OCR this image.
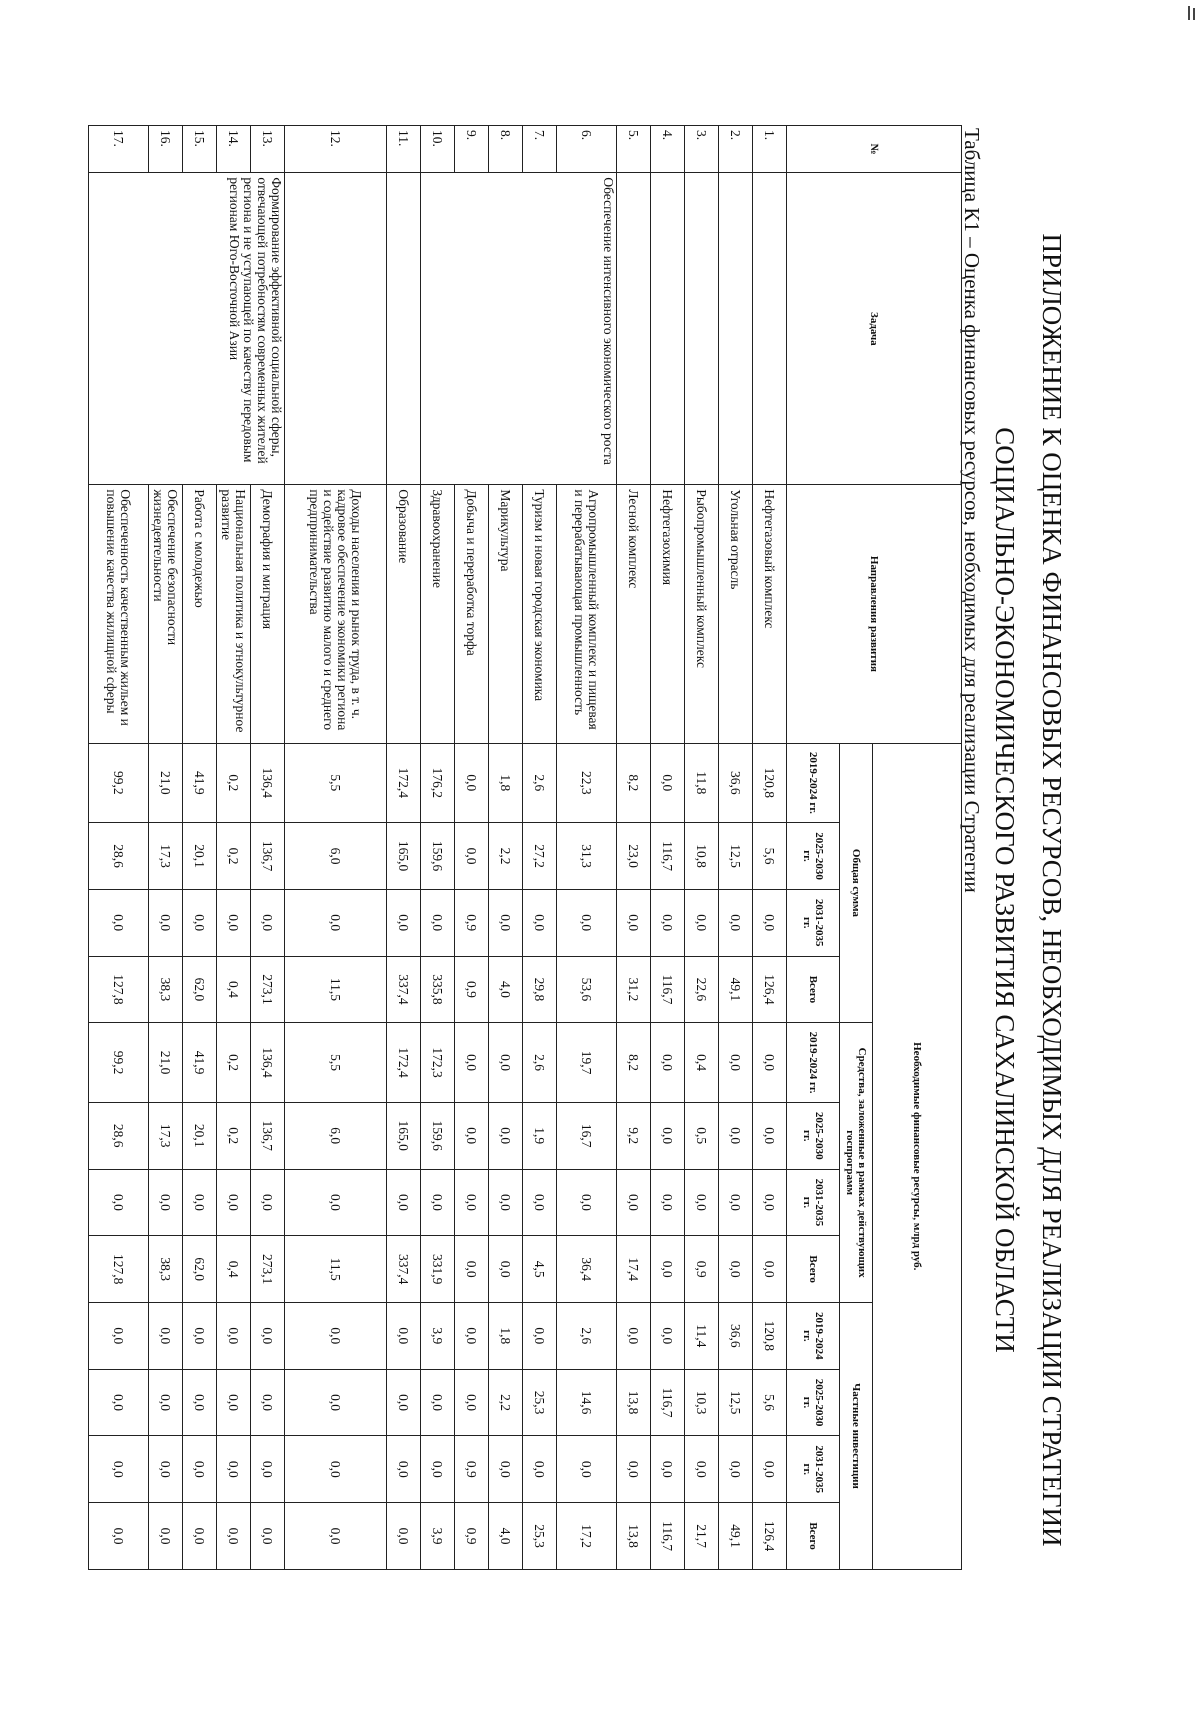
ПРИЛОЖЕНИЕ К ОЦЕНКА ФИНАНСОВЫХ РЕСУРСОВ, НЕОБХОДИМЫХ ДЛЯ РЕАЛИЗАЦИИ СТРАТЕГИИ
СОЦИАЛЬНО-ЭКОНОМИЧЕСКОГО РАЗВИТИЯ САХАЛИНСКОЙ ОБЛАСТИ
Таблица К1 – Оценка финансовых ресурсов, необходимых для реализации Стратегии
№	Задача	Направления развития	Необходимые финансовые ресурсы, млрд руб.											
			Общая сумма				Средства, заложенные в рамках действующих госпрограмм				Частные инвестиции			
			2019-2024 гг.	2025-2030 гг.	2031-2035 гг.	Всего	2019-2024 гг.	2025-2030 гг.	2031-2035 гг.	Всего	2019-2024 гг.	2025-2030 гг.	2031-2035 гг.	Всего
1.		Нефтегазовый комплекс	120,8	5,6	0,0	126,4	0,0	0,0	0,0	0,0	120,8	5,6	0,0	126,4
2.		Угольная отрасль	36,6	12,5	0,0	49,1	0,0	0,0	0,0	0,0	36,6	12,5	0,0	49,1
3.		Рыбопромышленный комплекс	11,8	10,8	0,0	22,6	0,4	0,5	0,0	0,9	11,4	10,3	0,0	21,7
4.		Нефтегазохимия	0,0	116,7	0,0	116,7	0,0	0,0	0,0	0,0	0,0	116,7	0,0	116,7
5.		Лесной комплекс	8,2	23,0	0,0	31,2	8,2	9,2	0,0	17,4	0,0	13,8	0,0	13,8
6.	Обеспечение интенсивного экономического роста	Агропромышленный комплекс и пищевая и перерабатывающая промышленность	22,3	31,3	0,0	53,6	19,7	16,7	0,0	36,4	2,6	14,6	0,0	17,2
7.		Туризм и новая городская экономика	2,6	27,2	0,0	29,8	2,6	1,9	0,0	4,5	0,0	25,3	0,0	25,3
8.		Марикультура	1,8	2,2	0,0	4,0	0,0	0,0	0,0	0,0	1,8	2,2	0,0	4,0
9.		Добыча и переработка торфа	0,0	0,0	0,9	0,9	0,0	0,0	0,0	0,0	0,0	0,0	0,9	0,9
10.		Здравоохранение	176,2	159,6	0,0	335,8	172,3	159,6	0,0	331,9	3,9	0,0	0,0	3,9
11.		Образование	172,4	165,0	0,0	337,4	172,4	165,0	0,0	337,4	0,0	0,0	0,0	0,0
12.		Доходы населения и рынок труда, в т. ч. кадровое обеспечение экономики региона и содействие развитию малого и среднего предпринимательства	5,5	6,0	0,0	11,5	5,5	6,0	0,0	11,5	0,0	0,0	0,0	0,0
13.	Формирование эффективной социальной сферы, отвечающей потребностям современных жителей региона и не уступающей по качеству передовым регионам Юго-Восточной Азии	Демография и миграция	136,4	136,7	0,0	273,1	136,4	136,7	0,0	273,1	0,0	0,0	0,0	0,0
14.		Национальная политика и этнокультурное развитие	0,2	0,2	0,0	0,4	0,2	0,2	0,0	0,4	0,0	0,0	0,0	0,0
15.		Работа с молодежью	41,9	20,1	0,0	62,0	41,9	20,1	0,0	62,0	0,0	0,0	0,0	0,0
16.		Обеспечение безопасности жизнедеятельности	21,0	17,3	0,0	38,3	21,0	17,3	0,0	38,3	0,0	0,0	0,0	0,0
17.		Обеспеченность качественным жильем и повышение качества жилищной сферы	99,2	28,6	0,0	127,8	99,2	28,6	0,0	127,8	0,0	0,0	0,0	0,0
